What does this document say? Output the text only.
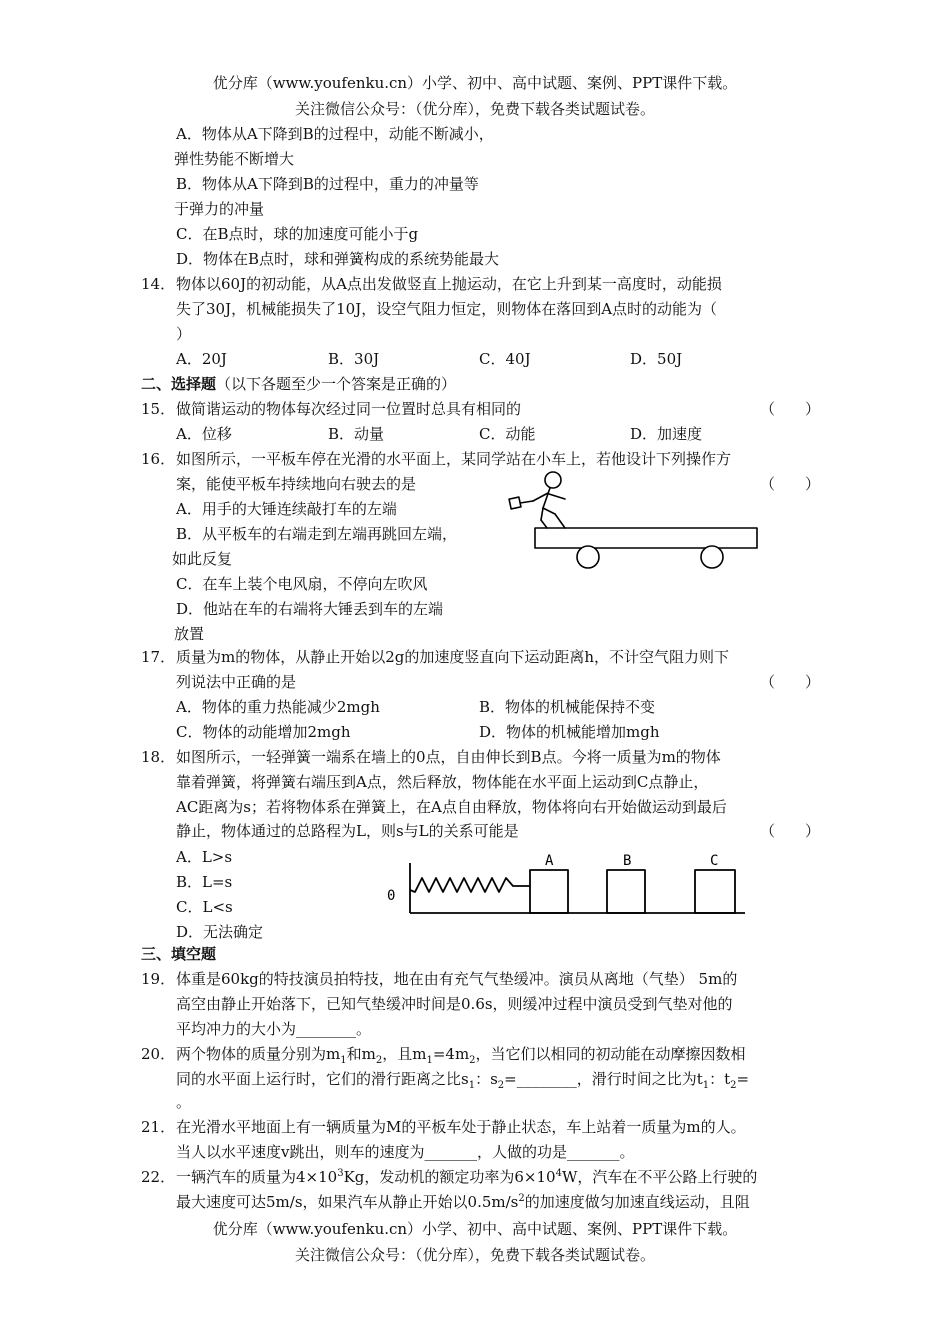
优分库（www.youfenku.cn）小学、初中、高中试题、案例、PPT课件下载。
关注微信公众号：（优分库），免费下载各类试题试卷。
A．物体从A下降到B的过程中，动能不断减小，
弹性势能不断增大
B．物体从A下降到B的过程中，重力的冲量等
于弹力的冲量
C．在B点时，球的加速度可能小于g
D．物体在B点时，球和弹簧构成的系统势能最大
14． 物体以60J的初动能，从A点出发做竖直上抛运动，在它上升到某一高度时，动能损
失了30J，机械能损失了10J，设空气阻力恒定，则物体在落回到A点时的动能为（
）
A．20J	B．30J	C．40J	D．50J
二、选择题（以下各题至少一个答案是正确的）
15． 做简谐运动的物体每次经过同一位置时总具有相同的	（　　）
A．位移	B．动量	C．动能	D．加速度
16． 如图所示，一平板车停在光滑的水平面上，某同学站在小车上，若他设计下列操作方
案，能使平板车持续地向右驶去的是	（　　）
A．用手的大锤连续敲打车的左端
B．从平板车的右端走到左端再跳回左端，
如此反复
C．在车上装个电风扇，不停向左吹风
D．他站在车的右端将大锤丢到车的左端
放置
17． 质量为m的物体，从静止开始以2g的加速度竖直向下运动距离h，不计空气阻力则下
列说法中正确的是	（　　）
A．物体的重力热能减少2mgh	B．物体的机械能保持不变
C．物体的动能增加2mgh	D．物体的机械能增加mgh
18． 如图所示，一轻弹簧一端系在墙上的0点，自由伸长到B点。今将一质量为m的物体
靠着弹簧，将弹簧右端压到A点，然后释放，物体能在水平面上运动到C点静止，
AC距离为s；若将物体系在弹簧上，在A点自由释放，物体将向右开始做运动到最后
静止，物体通过的总路程为L，则s与L的关系可能是	（　　）
A．L>s
B．L=s
C．L<s
D．无法确定
0
A	B	C
三、填空题
19． 体重是60kg的特技演员拍特技，地在由有充气气垫缓冲。演员从离地（气垫） 5m的
高空由静止开始落下，已知气垫缓冲时间是0.6s，则缓冲过程中演员受到气垫对他的
平均冲力的大小为________。
20． 两个物体的质量分别为$m_1$和$m_2$，且$m_1=4m_2$，当它们以相同的初动能在动摩擦因数相
同的水平面上运行时，它们的滑行距离之比$s_1$：$s_2=\_\_\_\_\_\_\_\_$，滑行时间之比为$t_1$：$t_2=$
。
21． 在光滑水平地面上有一辆质量为M的平板车处于静止状态，车上站着一质量为m的人。
当人以水平速度v跳出，则车的速度为_______，人做的功是_______。
22． 一辆汽车的质量为$4\times 10^3Kg$，发动机的额定功率为$6\times 10^4W$，汽车在不平公路上行驶的
最大速度可达5m/s，如果汽车从静止开始以$0.5m/s^2$的加速度做匀加速直线运动，且阻
优分库（www.youfenku.cn）小学、初中、高中试题、案例、PPT课件下载。
关注微信公众号：（优分库），免费下载各类试题试卷。
